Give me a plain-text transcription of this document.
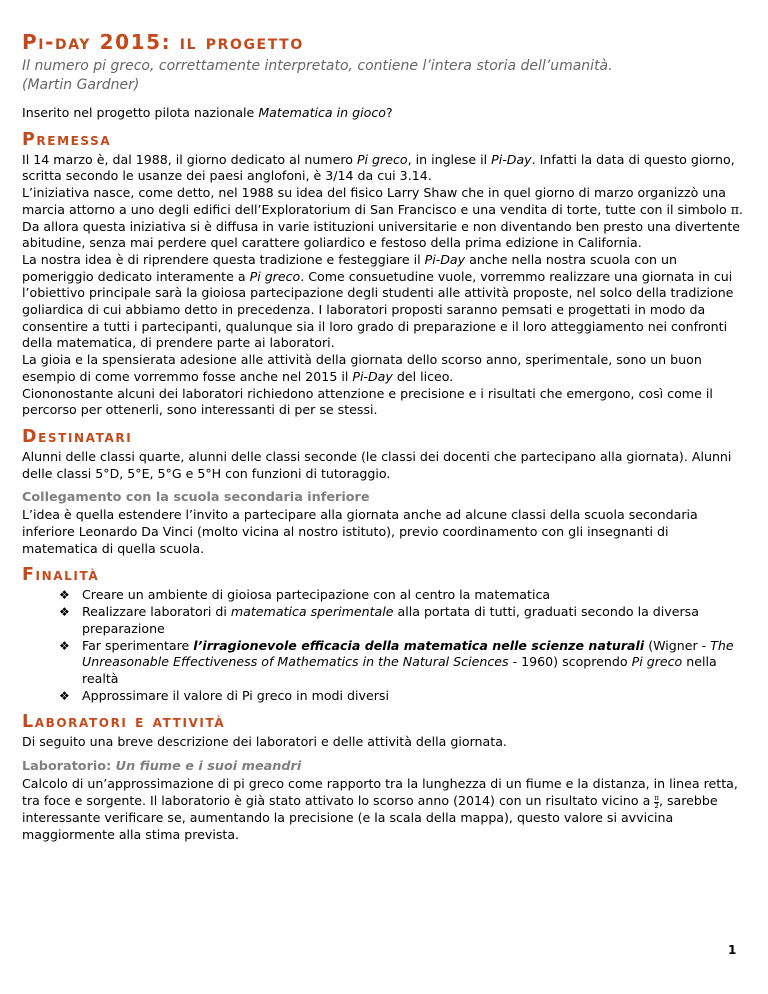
Pi-day 2015: il progetto

Il numero pi greco, correttamente interpretato, contiene l’intera storia dell’umanità.
(Martin Gardner)

Inserito nel progetto pilota nazionale Matematica in gioco?

Premessa

Il 14 marzo è, dal 1988, il giorno dedicato al numero Pi greco, in inglese il Pi-Day. Infatti la data di questo giorno, scritta secondo le usanze dei paesi anglofoni, è 3/14 da cui 3.14.

L’iniziativa nasce, come detto, nel 1988 su idea del fisico Larry Shaw che in quel giorno di marzo organizzò una marcia attorno a uno degli edifici dell’Exploratorium di San Francisco e una vendita di torte, tutte con il simbolo π. Da allora questa iniziativa si è diffusa in varie istituzioni universitarie e non diventando ben presto una divertente abitudine, senza mai perdere quel carattere goliardico e festoso della prima edizione in California.

La nostra idea è di riprendere questa tradizione e festeggiare il Pi-Day anche nella nostra scuola con un pomeriggio dedicato interamente a Pi greco. Come consuetudine vuole, vorremmo realizzare una giornata in cui l’obiettivo principale sarà la gioiosa partecipazione degli studenti alle attività proposte, nel solco della tradizione goliardica di cui abbiamo detto in precedenza. I laboratori proposti saranno pemsati e progettati in modo da consentire a tutti i partecipanti, qualunque sia il loro grado di preparazione e il loro atteggiamento nei confronti della matematica, di prendere parte ai laboratori.

La gioia e la spensierata adesione alle attività della giornata dello scorso anno, sperimentale, sono un buon esempio di come vorremmo fosse anche nel 2015 il Pi-Day del liceo.

Ciononostante alcuni dei laboratori richiedono attenzione e precisione e i risultati che emergono, così come il percorso per ottenerli, sono interessanti di per se stessi.

Destinatari

Alunni delle classi quarte, alunni delle classi seconde (le classi dei docenti che partecipano alla giornata). Alunni delle classi 5°D, 5°E, 5°G e 5°H con funzioni di tutoraggio.

Collegamento con la scuola secondaria inferiore

L’idea è quella estendere l’invito a partecipare alla giornata anche ad alcune classi della scuola secondaria inferiore Leonardo Da Vinci (molto vicina al nostro istituto), previo coordinamento con gli insegnanti di matematica di quella scuola.

Finalità
❖ Creare un ambiente di gioiosa partecipazione con al centro la matematica
❖ Realizzare laboratori di matematica sperimentale alla portata di tutti, graduati secondo la diversa preparazione
❖ Far sperimentare l’irragionevole efficacia della matematica nelle scienze naturali (Wigner - The Unreasonable Effectiveness of Mathematics in the Natural Sciences - 1960) scoprendo Pi greco nella realtà
❖ Approssimare il valore di Pi greco in modi diversi
Laboratori e attività

Di seguito una breve descrizione dei laboratori e delle attività della giornata.

Laboratorio: Un fiume e i suoi meandri

Calcolo di un’approssimazione di pi greco come rapporto tra la lunghezza di un fiume e la distanza, in linea retta, tra foce e sorgente. Il laboratorio è già stato attivato lo scorso anno (2014) con un risultato vicino a $\frac{\pi}{2}$ , sarebbe interessante verificare se, aumentando la precisione (e la scala della mappa), questo valore si avvicina maggiormente alla stima prevista.

1
